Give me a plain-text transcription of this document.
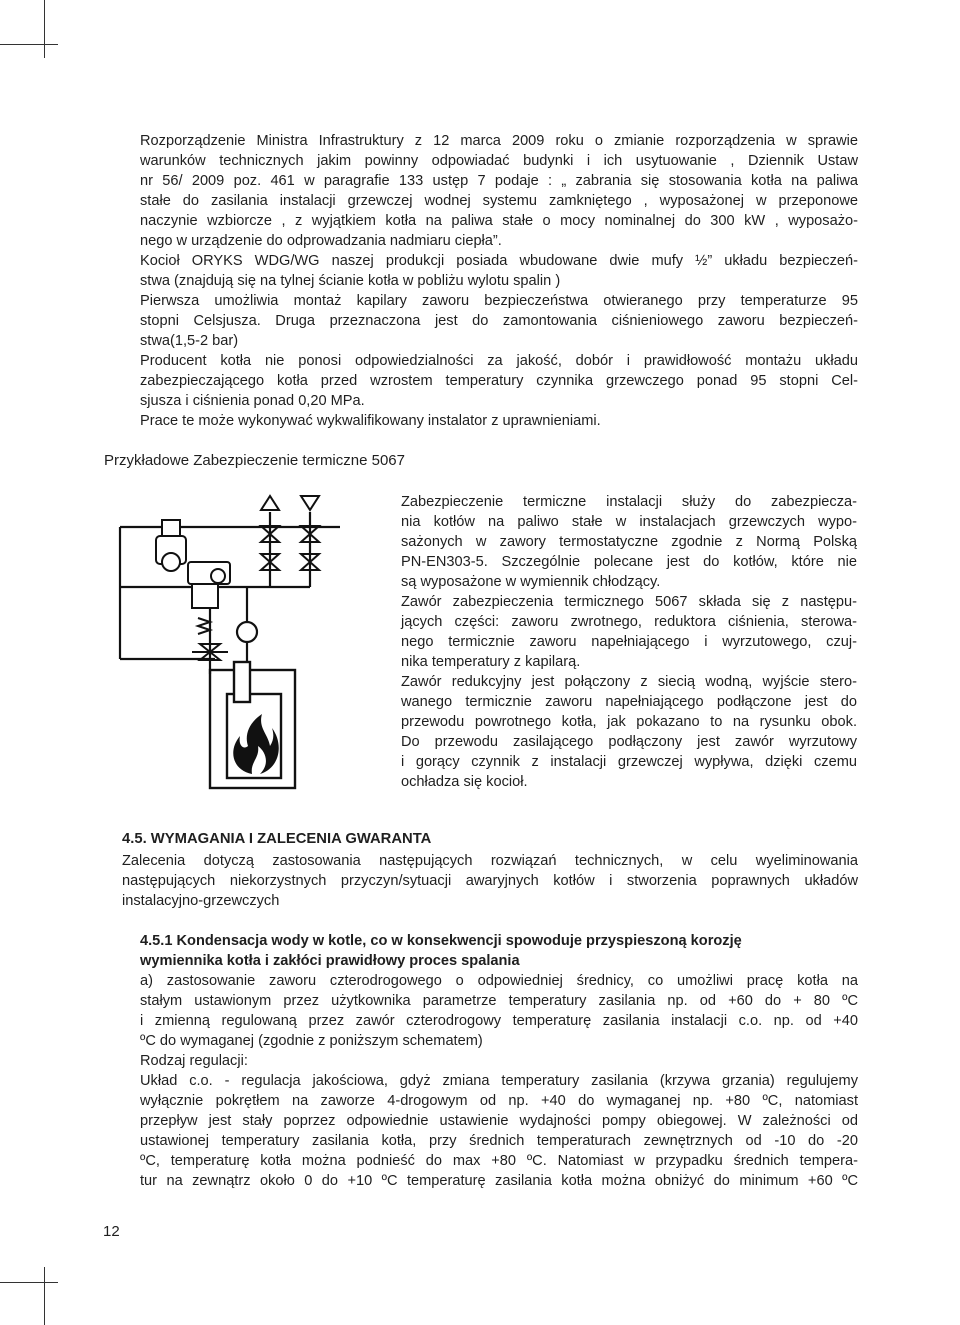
Rozporządzenie Ministra Infrastruktury z 12 marca 2009 roku o zmianie rozporządzenia w sprawie
warunków technicznych jakim powinny odpowiadać budynki i ich usytuowanie , Dziennik Ustaw
nr 56/ 2009 poz. 461 w paragrafie 133 ustęp 7 podaje : „ zabrania się stosowania kotła na paliwa
stałe do zasilania instalacji grzewczej wodnej systemu zamkniętego , wyposażonej w przeponowe
naczynie wzbiorcze , z wyjątkiem kotła na paliwa stałe o mocy nominalnej do 300 kW , wyposażo-
nego w urządzenie do odprowadzania nadmiaru ciepła”.
Kocioł ORYKS WDG/WG naszej produkcji posiada wbudowane dwie mufy ½” układu bezpieczeń-
stwa (znajdują się na tylnej ścianie kotła w pobliżu wylotu spalin )
Pierwsza umożliwia montaż kapilary zaworu bezpieczeństwa otwieranego przy temperaturze 95
stopni Celsjusza. Druga przeznaczona jest do zamontowania ciśnieniowego zaworu bezpieczeń-
stwa(1,5-2 bar)
Producent kotła nie ponosi odpowiedzialności za jakość, dobór i prawidłowość montażu układu
zabezpieczającego kotła przed wzrostem temperatury czynnika grzewczego ponad 95 stopni Cel-
sjusza i ciśnienia ponad 0,20 MPa.
Prace te może wykonywać wykwalifikowany instalator z uprawnieniami.
Przykładowe Zabezpieczenie termiczne 5067
Zabezpieczenie termiczne instalacji służy do zabezpiecza-
nia kotłów na paliwo stałe w instalacjach grzewczych wypo-
sażonych w zawory termostatyczne zgodnie z Normą Polską
PN-EN303-5. Szczególnie polecane jest do kotłów, które nie
są wyposażone w wymiennik chłodzący.
Zawór zabezpieczenia termicznego 5067 składa się z następu-
jących części: zaworu zwrotnego, reduktora ciśnienia, sterowa-
nego termicznie zaworu napełniającego i wyrzutowego, czuj-
nika temperatury z kapilarą.
Zawór redukcyjny jest połączony z siecią wodną, wyjście stero-
wanego termicznie zaworu napełniającego podłączone jest do
przewodu powrotnego kotła, jak pokazano to na rysunku obok.
Do przewodu zasilającego podłączony jest zawór wyrzutowy
i gorący czynnik z instalacji grzewczej wypływa, dzięki czemu
ochładza się kocioł.
4.5. WYMAGANIA I ZALECENIA GWARANTA
Zalecenia dotyczą zastosowania następujących rozwiązań technicznych, w celu wyeliminowania
następujących niekorzystnych przyczyn/sytuacji awaryjnych kotłów i stworzenia poprawnych układów
instalacyjno-grzewczych
4.5.1 Kondensacja wody w kotle, co w konsekwencji spowoduje przyspieszoną korozję
wymiennika kotła i zakłóci prawidłowy proces spalania
a) zastosowanie zaworu czterodrogowego o odpowiedniej średnicy, co umożliwi pracę kotła na
stałym ustawionym przez użytkownika parametrze temperatury zasilania np. od +60 do + 80 ºC
i zmienną regulowaną przez zawór czterodrogowy temperaturę zasilania instalacji c.o. np. od +40
ºC do wymaganej (zgodnie z poniższym schematem)
Rodzaj regulacji:
Układ c.o. - regulacja jakościowa, gdyż zmiana temperatury zasilania (krzywa grzania) regulujemy
wyłącznie pokrętłem na zaworze 4-drogowym od np. +40 do wymaganej np. +80 ºC, natomiast
przepływ jest stały poprzez odpowiednie ustawienie wydajności pompy obiegowej. W zależności od
ustawionej temperatury zasilania kotła, przy średnich temperaturach zewnętrznych od -10 do -20
ºC, temperaturę kotła można podnieść do max +80 ºC. Natomiast w przypadku średnich tempera-
tur na zewnątrz około 0 do +10 ºC temperaturę zasilania kotła można obniżyć do minimum +60 ºC
12
